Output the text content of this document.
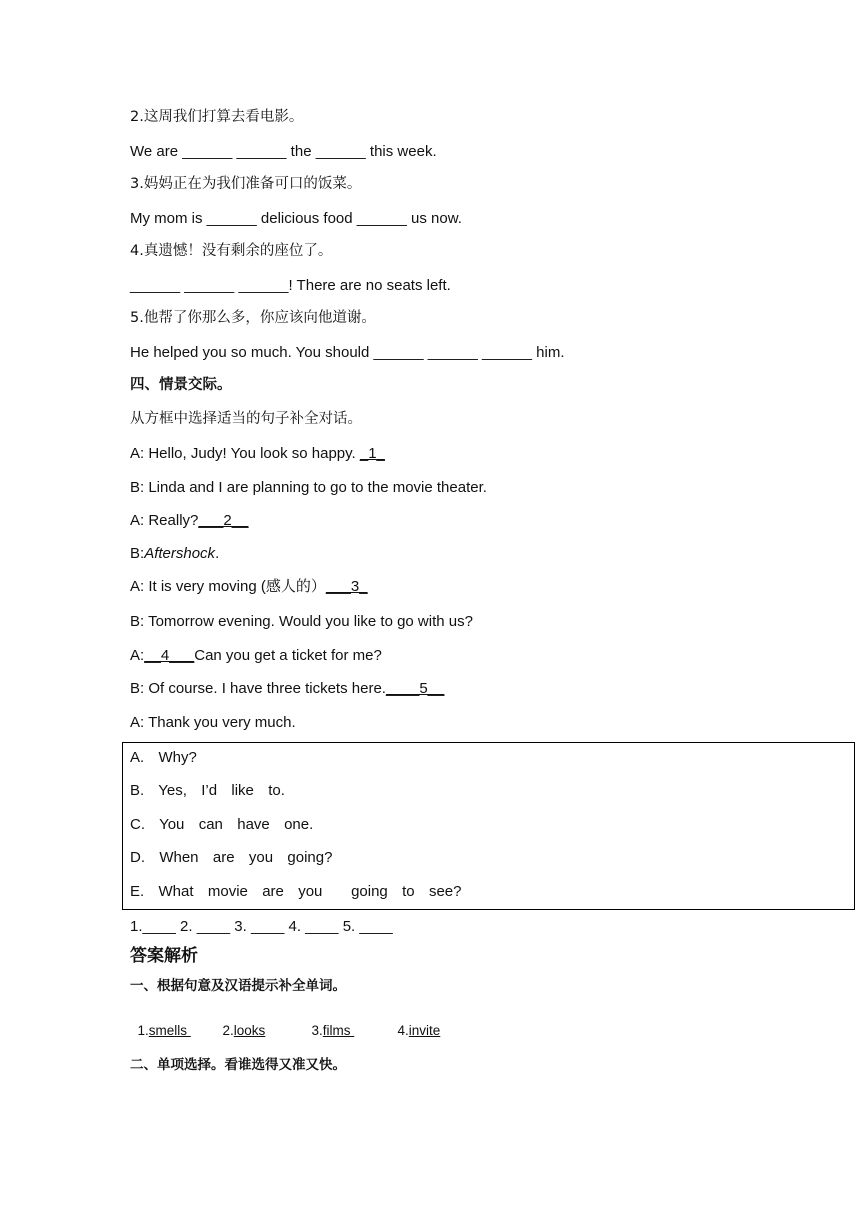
2.这周我们打算去看电影。
We are ______ ______ the ______ this week.
3.妈妈正在为我们准备可口的饭菜。
My mom is ______ delicious food ______ us now.
4.真遗憾！没有剩余的座位了。
______ ______ ______! There are no seats left.
5.他帮了你那么多，你应该向他道谢。
He helped you so much. You should ______ ______ ______ him.
四、情景交际。
从方框中选择适当的句子补全对话。
A: Hello, Judy! You look so happy. _1_
B: Linda and I are planning to go to the movie theater.
A: Really?___2__
B:Aftershock.
A: It is very moving (感人的）___3_
B: Tomorrow evening. Would you like to go with us?
A:__4___Can you get a ticket for me?
B: Of course. I have three tickets here.____5__
A: Thank you very much.
A.  Why?
B.  Yes,  I’d  like  to.
C.  You  can  have  one.
D.  When  are  you  going?
E.  What  movie  are  you    going  to  see?
1.____ 2. ____ 3. ____ 4. ____ 5. ____
答案解析
一、根据句意及汉语提示补全单词。

1.smells 2.looks	3.films	4.invite

二、单项选择。看谁选得又准又快。
